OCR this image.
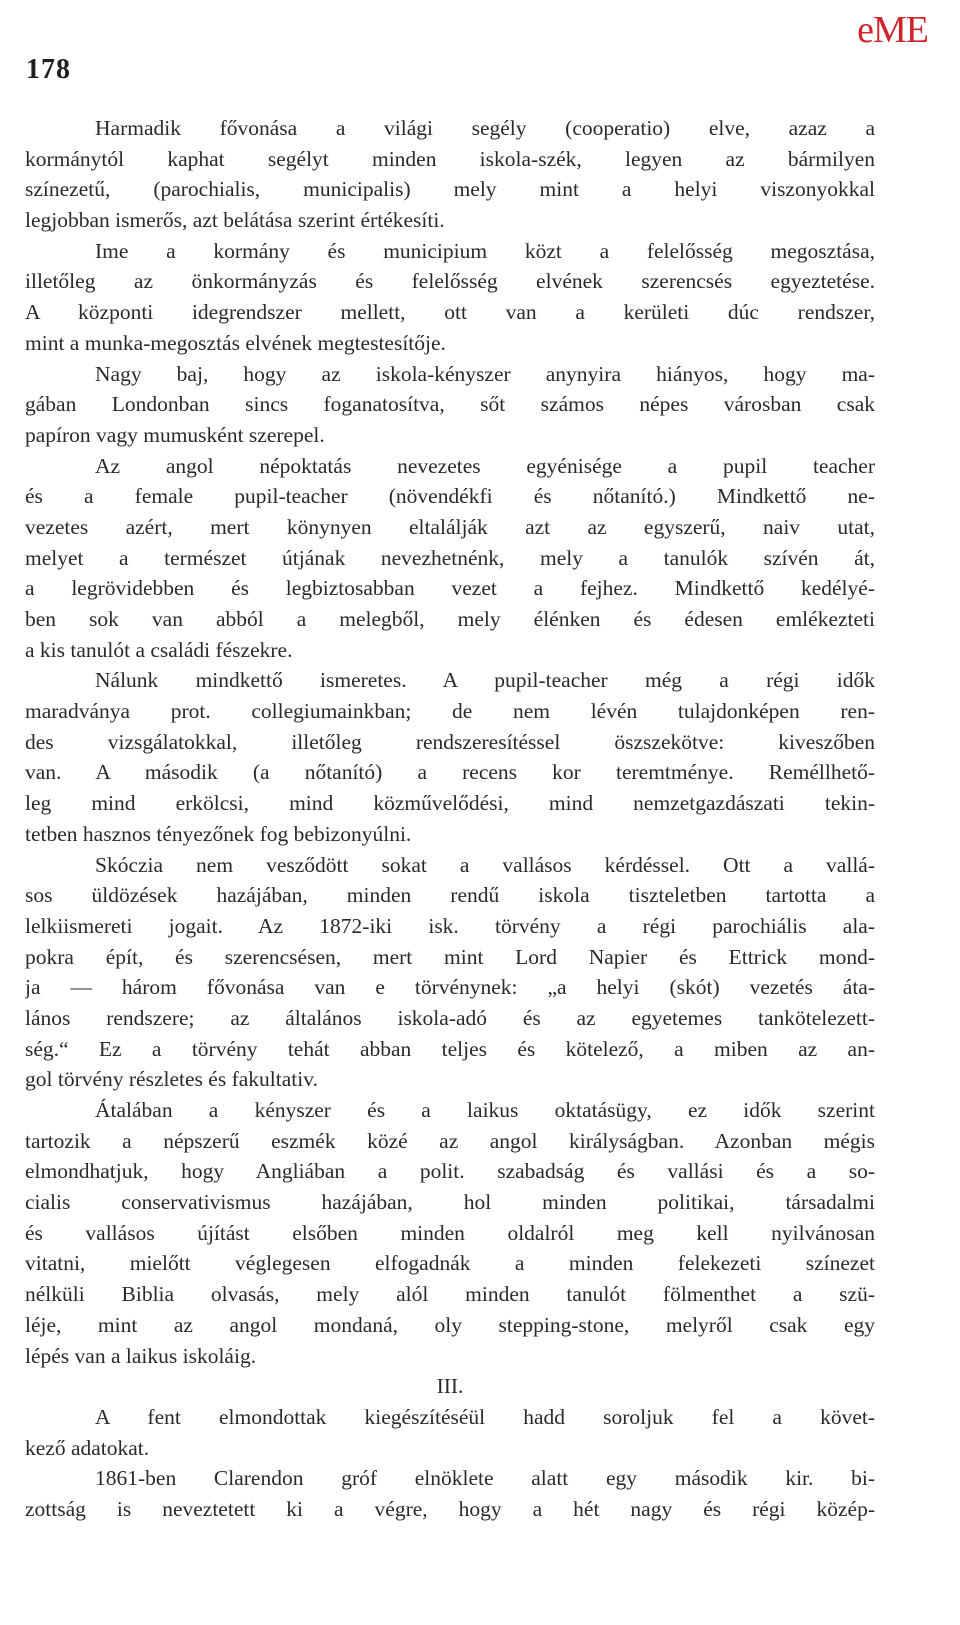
178
eME
Harmadik fővonása a világi segély (cooperatio) elve, azaz a
kormánytól kaphat segélyt minden iskola-szék, legyen az bármilyen
színezetű, (parochialis, municipalis) mely mint a helyi viszonyokkal
legjobban ismerős, azt belátása szerint értékesíti.
Ime a kormány és municipium közt a felelősség megosztása,
illetőleg az önkormányzás és felelősség elvének szerencsés egyeztetése.
A központi idegrendszer mellett, ott van a kerületi dúc rendszer,
mint a munka-megosztás elvének megtestesítője.
Nagy baj, hogy az iskola-kényszer anynyira hiányos, hogy ma-
gában Londonban sincs foganatosítva, sőt számos népes városban csak
papíron vagy mumusként szerepel.
Az angol népoktatás nevezetes egyénisége a pupil teacher
és a female pupil-teacher (növendékfi és nőtanító.) Mindkettő ne-
vezetes azért, mert könynyen eltalálják azt az egyszerű, naiv utat,
melyet a természet útjának nevezhetnénk, mely a tanulók szívén át,
a legrövidebben és legbiztosabban vezet a fejhez. Mindkettő kedélyé-
ben sok van abból a melegből, mely élénken és édesen emlékezteti
a kis tanulót a családi fészekre.
Nálunk mindkettő ismeretes. A pupil-teacher még a régi idők
maradványa prot. collegiumainkban; de nem lévén tulajdonképen ren-
des vizsgálatokkal, illetőleg rendszeresítéssel öszszekötve: kiveszőben
van. A második (a nőtanító) a recens kor teremtménye. Reméllhető-
leg mind erkölcsi, mind közművelődési, mind nemzetgazdászati tekin-
tetben hasznos tényezőnek fog bebizonyúlni.
Skóczia nem vesződött sokat a vallásos kérdéssel. Ott a vallá-
sos üldözések hazájában, minden rendű iskola tiszteletben tartotta a
lelkiismereti jogait. Az 1872-iki isk. törvény a régi parochiális ala-
pokra épít, és szerencsésen, mert mint Lord Napier és Ettrick mond-
ja — három fővonása van e törvénynek: „a helyi (skót) vezetés áta-
lános rendszere; az általános iskola-adó és az egyetemes tankötelezett-
ség.“ Ez a törvény tehát abban teljes és kötelező, a miben az an-
gol törvény részletes és fakultativ.
Átalában a kényszer és a laikus oktatásügy, ez idők szerint
tartozik a népszerű eszmék közé az angol királyságban. Azonban mégis
elmondhatjuk, hogy Angliában a polit. szabadság és vallási és a so-
cialis conservativismus hazájában, hol minden politikai, társadalmi
és vallásos újítást elsőben minden oldalról meg kell nyilvánosan
vitatni, mielőtt véglegesen elfogadnák a minden felekezeti színezet
nélküli Biblia olvasás, mely alól minden tanulót fölmenthet a szü-
léje, mint az angol mondaná, oly stepping-stone, melyről csak egy
lépés van a laikus iskoláig.
III.
A fent elmondottak kiegészítéséül hadd soroljuk fel a követ-
kező adatokat.
1861-ben Clarendon gróf elnöklete alatt egy második kir. bi-
zottság is neveztetett ki a végre, hogy a hét nagy és régi közép-
